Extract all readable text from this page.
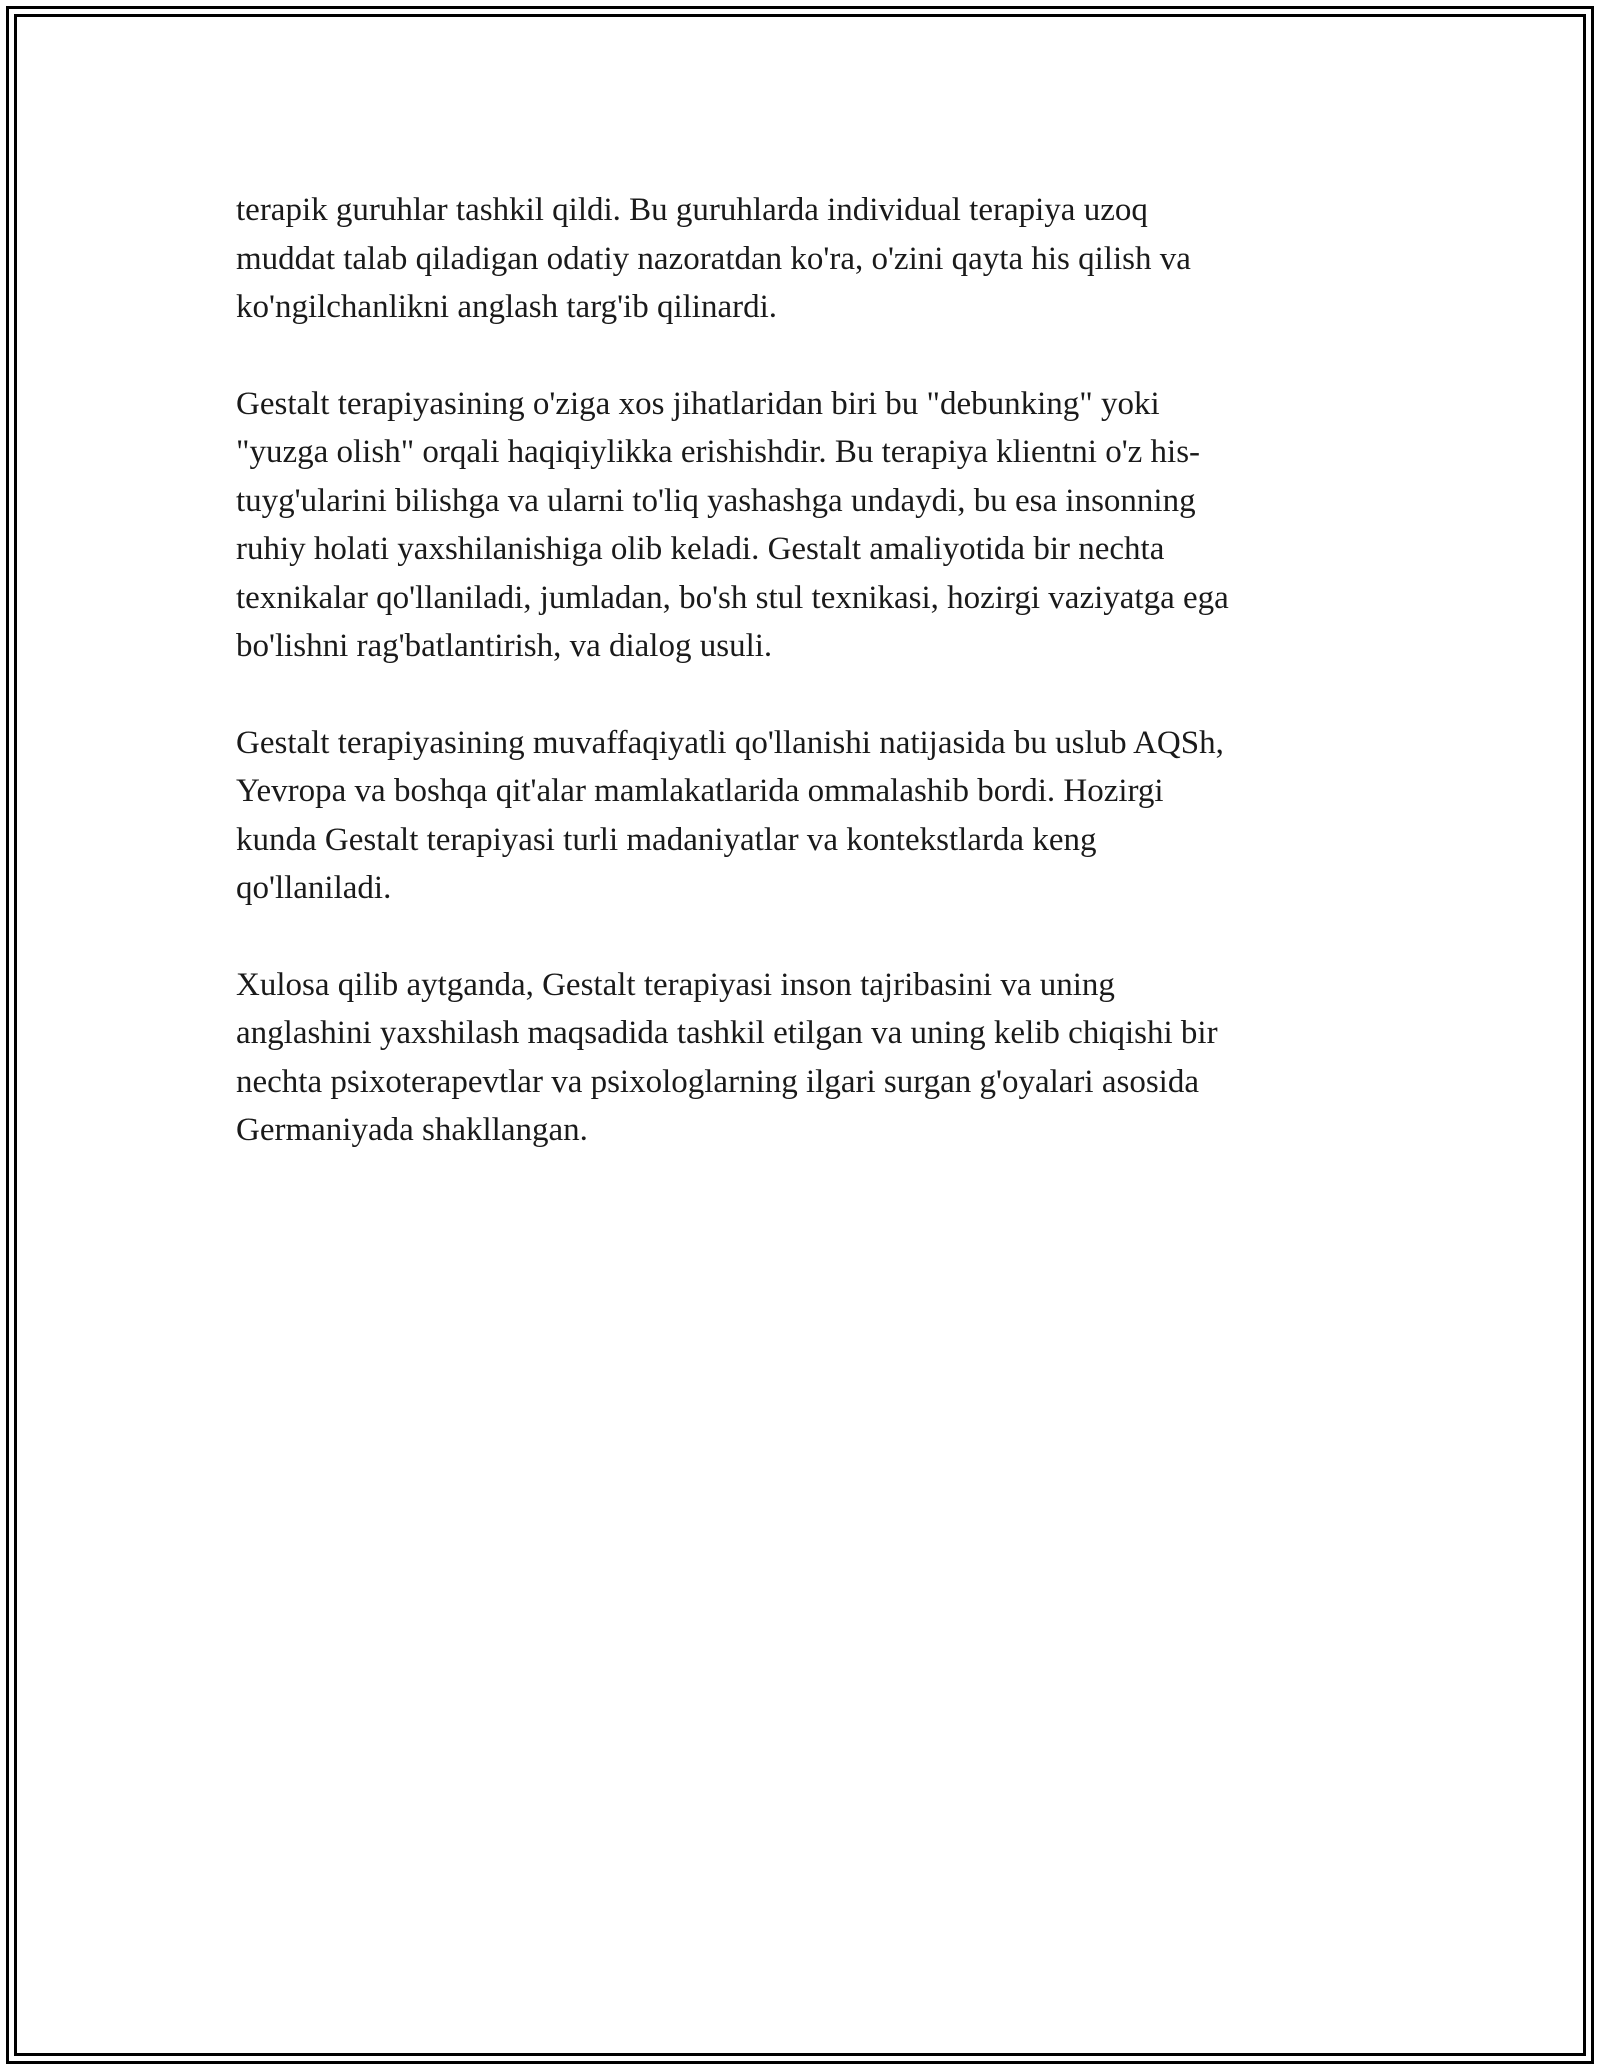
terapik guruhlar tashkil qildi. Bu guruhlarda individual terapiya uzoq
muddat talab qiladigan odatiy nazoratdan ko'ra, o'zini qayta his qilish va
ko'ngilchanlikni anglash targ'ib qilinardi.

Gestalt terapiyasining o'ziga xos jihatlaridan biri bu "debunking" yoki
"yuzga olish" orqali haqiqiylikka erishishdir. Bu terapiya klientni o'z his-
tuyg'ularini bilishga va ularni to'liq yashashga undaydi, bu esa insonning
ruhiy holati yaxshilanishiga olib keladi. Gestalt amaliyotida bir nechta
texnikalar qo'llaniladi, jumladan, bo'sh stul texnikasi, hozirgi vaziyatga ega
bo'lishni rag'batlantirish, va dialog usuli.

Gestalt terapiyasining muvaffaqiyatli qo'llanishi natijasida bu uslub AQSh,
Yevropa va boshqa qit'alar mamlakatlarida ommalashib bordi. Hozirgi
kunda Gestalt terapiyasi turli madaniyatlar va kontekstlarda keng
qo'llaniladi.

Xulosa qilib aytganda, Gestalt terapiyasi inson tajribasini va uning
anglashini yaxshilash maqsadida tashkil etilgan va uning kelib chiqishi bir
nechta psixoterapevtlar va psixologlarning ilgari surgan g'oyalari asosida
Germaniyada shakllangan.
